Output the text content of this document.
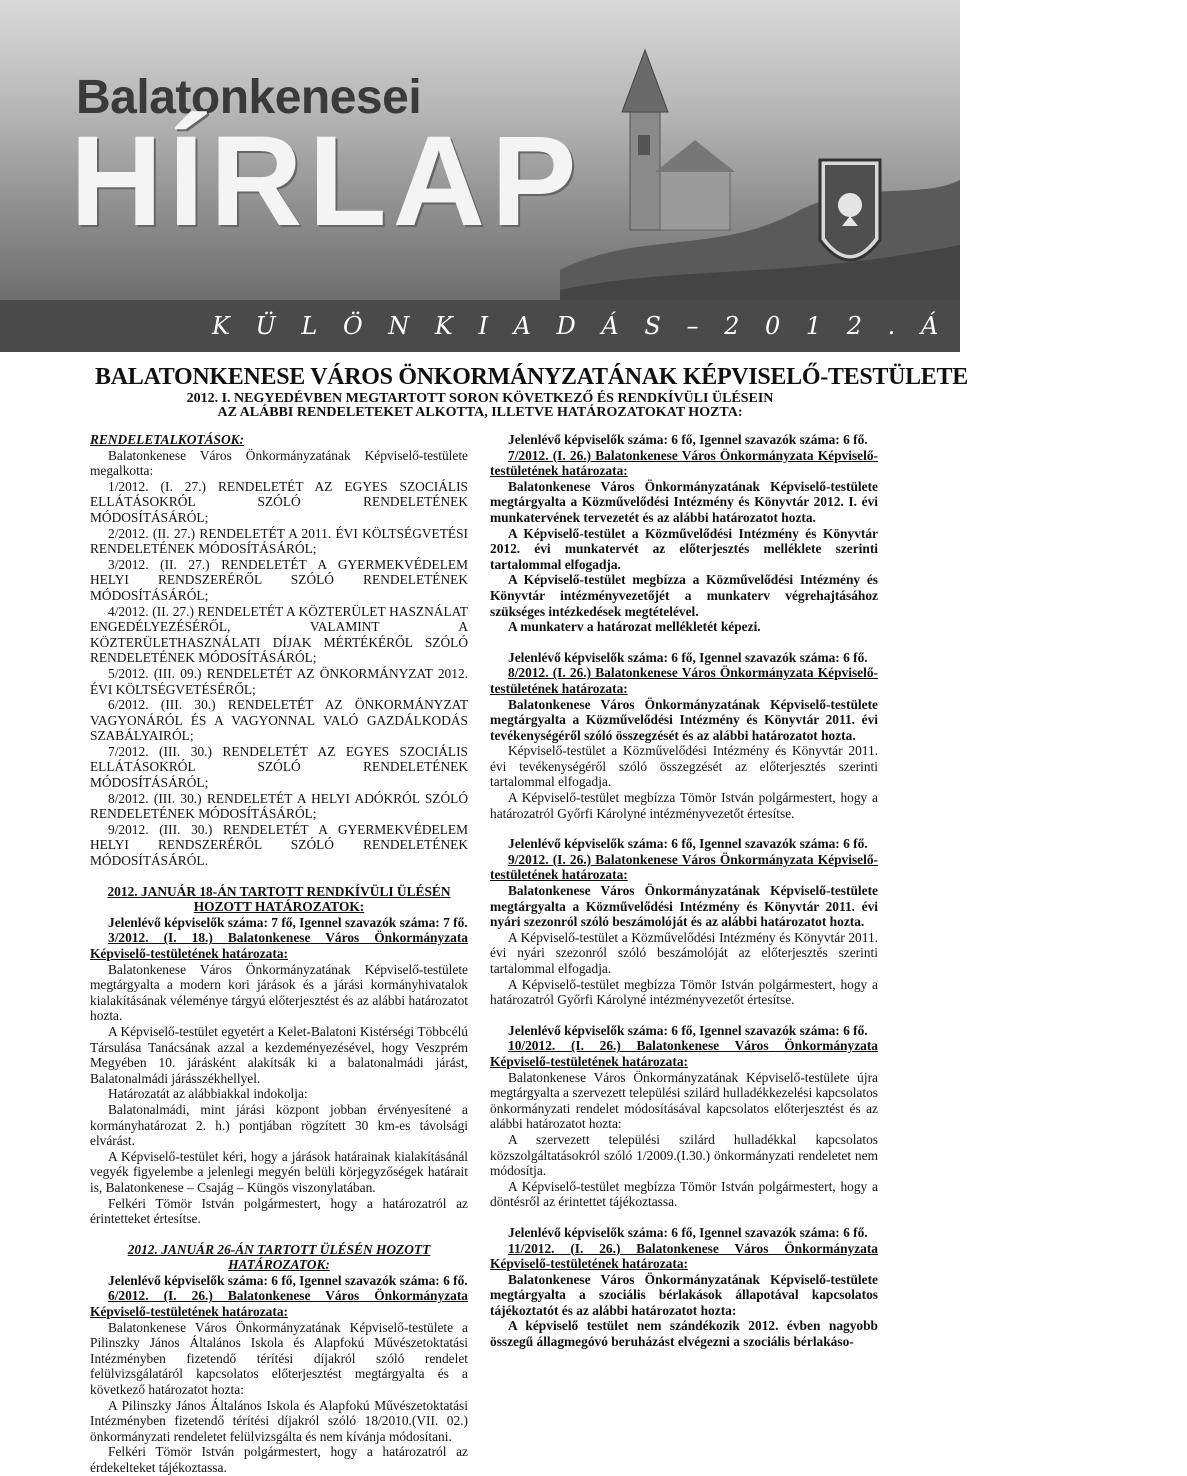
Balatonkenesei
HÍRLAP
K Ü L Ö N K I A D Á S – 2 0 1 2 . Á P R I L I S
BALATONKENESE VÁROS ÖNKORMÁNYZATÁNAK KÉPVISELŐ-TESTÜLETE
2012. I. NEGYEDÉVBEN MEGTARTOTT SORON KÖVETKEZŐ ÉS RENDKÍVÜLI ÜLÉSEIN
AZ ALÁBBI RENDELETEKET ALKOTTA, ILLETVE HATÁROZATOKAT HOZTA:

RENDELETALKOTÁSOK:

Balatonkenese Város Önkormányzatának Képviselő-testülete megalkotta:

1/2012. (I. 27.) RENDELETÉT AZ EGYES SZOCIÁLIS ELLÁTÁSOKRÓL SZÓLÓ RENDELETÉNEK MÓDOSÍTÁSÁRÓL;

2/2012. (II. 27.) RENDELETÉT A 2011. ÉVI KÖLTSÉGVETÉSI RENDELETÉNEK MÓDOSÍTÁSÁRÓL;

3/2012. (II. 27.) RENDELETÉT A GYERMEKVÉDELEM HELYI RENDSZERÉRŐL SZÓLÓ RENDELETÉNEK MÓDOSÍTÁSÁRÓL;

4/2012. (II. 27.) RENDELETÉT A KÖZTERÜLET HASZNÁLAT ENGEDÉLYEZÉSÉRŐL, VALAMINT A KÖZTERÜLETHASZNÁLATI DÍJAK MÉRTÉKÉRŐL SZÓLÓ RENDELETÉNEK MÓDOSÍTÁSÁRÓL;

5/2012. (III. 09.) RENDELETÉT AZ ÖNKORMÁNYZAT 2012. ÉVI KÖLTSÉGVETÉSÉRŐL;

6/2012. (III. 30.) RENDELETÉT AZ ÖNKORMÁNYZAT VAGYONÁRÓL ÉS A VAGYONNAL VALÓ GAZDÁLKODÁS SZABÁLYAIRÓL;

7/2012. (III. 30.) RENDELETÉT AZ EGYES SZOCIÁLIS ELLÁTÁSOKRÓL SZÓLÓ RENDELETÉNEK MÓDOSÍTÁSÁRÓL;

8/2012. (III. 30.) RENDELETÉT A HELYI ADÓKRÓL SZÓLÓ RENDELETÉNEK MÓDOSÍTÁSÁRÓL;

9/2012. (III. 30.) RENDELETÉT A GYERMEKVÉDELEM HELYI RENDSZERÉRŐL SZÓLÓ RENDELETÉNEK MÓDOSÍTÁSÁRÓL.

2012. JANUÁR 18-ÁN TARTOTT RENDKÍVÜLI ÜLÉSÉN HOZOTT HATÁROZATOK:

Jelenlévő képviselők száma: 7 fő, Igennel szavazók száma: 7 fő.

3/2012. (I. 18.) Balatonkenese Város Önkormányzata Képviselő-testületének határozata:

Balatonkenese Város Önkormányzatának Képviselő-testülete megtárgyalta a modern kori járások és a járási kormányhivatalok kialakításának véleménye tárgyú előterjesztést és az alábbi határozatot hozta.

A Képviselő-testület egyetért a Kelet-Balatoni Kistérségi Többcélú Társulása Tanácsának azzal a kezdeményezésével, hogy Veszprém Megyében 10. járásként alakítsák ki a balatonalmádi járást, Balatonalmádi járásszékhellyel.

Határozatát az alábbiakkal indokolja:

Balatonalmádi, mint járási központ jobban érvényesítené a kormányhatározat 2. h.) pontjában rögzített 30 km-es távolsági elvárást.

A Képviselő-testület kéri, hogy a járások határainak kialakításánál vegyék figyelembe a jelenlegi megyén belüli körjegyzőségek határait is, Balatonkenese – Csajág – Küngös viszonylatában.

Felkéri Tömör István polgármestert, hogy a határozatról az érintetteket értesítse.

2012. JANUÁR 26-ÁN TARTOTT ÜLÉSÉN HOZOTT HATÁROZATOK:

Jelenlévő képviselők száma: 6 fő, Igennel szavazók száma: 6 fő.

6/2012. (I. 26.) Balatonkenese Város Önkormányzata Képviselő-testületének határozata:

Balatonkenese Város Önkormányzatának Képviselő-testülete a Pilinszky János Általános Iskola és Alapfokú Művészetoktatási Intézményben fizetendő térítési díjakról szóló rendelet felülvizsgálatáról kapcsolatos előterjesztést megtárgyalta és a következő határozatot hozta:

A Pilinszky János Általános Iskola és Alapfokú Művészetoktatási Intézményben fizetendő térítési díjakról szóló 18/2010.(VII. 02.) önkormányzati rendeletet felülvizsgálta és nem kívánja módosítani.

Felkéri Tömör István polgármestert, hogy a határozatról az érdekelteket tájékoztassa.

Jelenlévő képviselők száma: 6 fő, Igennel szavazók száma: 6 fő.

7/2012. (I. 26.) Balatonkenese Város Önkormányzata Képviselő-testületének határozata:

Balatonkenese Város Önkormányzatának Képviselő-testülete megtárgyalta a Közművelődési Intézmény és Könyvtár 2012. I. évi munkatervének tervezetét és az alábbi határozatot hozta.

A Képviselő-testület a Közművelődési Intézmény és Könyvtár 2012. évi munkatervét az előterjesztés melléklete szerinti tartalommal elfogadja.

A Képviselő-testület megbízza a Közművelődési Intézmény és Könyvtár intézményvezetőjét a munkaterv végrehajtásához szükséges intézkedések megtételével.

A munkaterv a határozat mellékletét képezi.

Jelenlévő képviselők száma: 6 fő, Igennel szavazók száma: 6 fő.

8/2012. (I. 26.) Balatonkenese Város Önkormányzata Képviselő-testületének határozata:

Balatonkenese Város Önkormányzatának Képviselő-testülete megtárgyalta a Közművelődési Intézmény és Könyvtár 2011. évi tevékenységéről szóló összegzését és az alábbi határozatot hozta.

Képviselő-testület a Közművelődési Intézmény és Könyvtár 2011. évi tevékenységéről szóló összegzését az előterjesztés szerinti tartalommal elfogadja.

A Képviselő-testület megbízza Tömör István polgármestert, hogy a határozatról Győrfi Károlyné intézményvezetőt értesítse.

Jelenlévő képviselők száma: 6 fő, Igennel szavazók száma: 6 fő.

9/2012. (I. 26.) Balatonkenese Város Önkormányzata Képviselő-testületének határozata:

Balatonkenese Város Önkormányzatának Képviselő-testülete megtárgyalta a Közművelődési Intézmény és Könyvtár 2011. évi nyári szezonról szóló beszámolóját és az alábbi határozatot hozta.

A Képviselő-testület a Közművelődési Intézmény és Könyvtár 2011. évi nyári szezonról szóló beszámolóját az előterjesztés szerinti tartalommal elfogadja.

A Képviselő-testület megbízza Tömör István polgármestert, hogy a határozatról Győrfi Károlyné intézményvezetőt értesítse.

Jelenlévő képviselők száma: 6 fő, Igennel szavazók száma: 6 fő.

10/2012. (I. 26.) Balatonkenese Város Önkormányzata Képviselő-testületének határozata:

Balatonkenese Város Önkormányzatának Képviselő-testülete újra megtárgyalta a szervezett települési szilárd hulladékkezelési kapcsolatos önkormányzati rendelet módosításával kapcsolatos előterjesztést és az alábbi határozatot hozta:

A szervezett települési szilárd hulladékkal kapcsolatos közszolgáltatásokról szóló 1/2009.(I.30.) önkormányzati rendeletet nem módosítja.

A Képviselő-testület megbízza Tömör István polgármestert, hogy a döntésről az érintettet tájékoztassa.

Jelenlévő képviselők száma: 6 fő, Igennel szavazók száma: 6 fő.

11/2012. (I. 26.) Balatonkenese Város Önkormányzata Képviselő-testületének határozata:

Balatonkenese Város Önkormányzatának Képviselő-testülete megtárgyalta a szociális bérlakások állapotával kapcsolatos tájékoztatót és az alábbi határozatot hozta:

A képviselő testület nem szándékozik 2012. évben nagyobb összegű állagmegóvó beruházást elvégezni a szociális bérlakáso-
